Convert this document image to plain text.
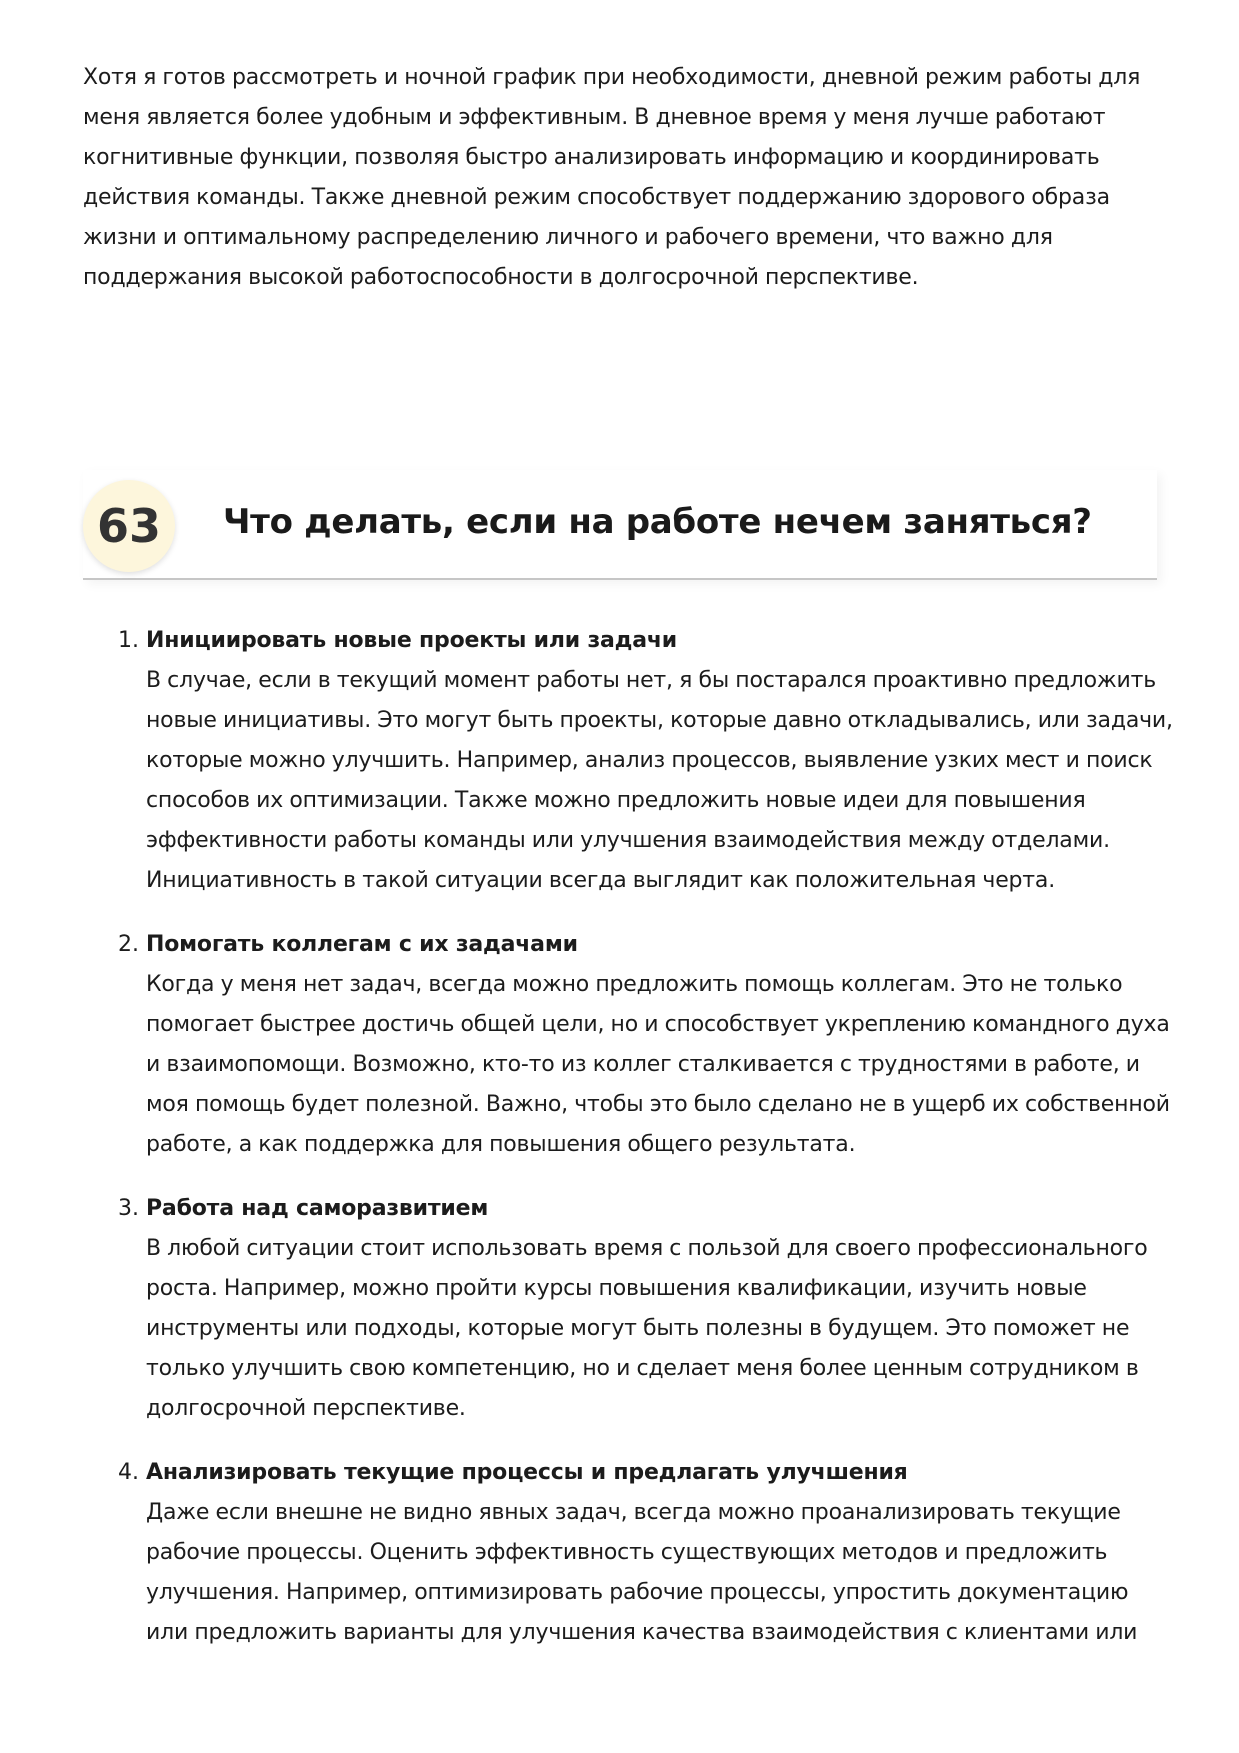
Хотя я готов рассмотреть и ночной график при необходимости, дневной режим работы для меня является более удобным и эффективным. В дневное время у меня лучше работают когнитивные функции, позволяя быстро анализировать информацию и координировать действия команды. Также дневной режим способствует поддержанию здорового образа жизни и оптимальному распределению личного и рабочего времени, что важно для поддержания высокой работоспособности в долгосрочной перспективе.

63	Что делать, если на работе нечем заняться?
1. Инициировать новые проекты или задачи
В случае, если в текущий момент работы нет, я бы постарался проактивно предложить новые инициативы. Это могут быть проекты, которые давно откладывались, или задачи, которые можно улучшить. Например, анализ процессов, выявление узких мест и поиск способов их оптимизации. Также можно предложить новые идеи для повышения эффективности работы команды или улучшения взаимодействия между отделами. Инициативность в такой ситуации всегда выглядит как положительная черта.
2. Помогать коллегам с их задачами
Когда у меня нет задач, всегда можно предложить помощь коллегам. Это не только помогает быстрее достичь общей цели, но и способствует укреплению командного духа и взаимопомощи. Возможно, кто-то из коллег сталкивается с трудностями в работе, и моя помощь будет полезной. Важно, чтобы это было сделано не в ущерб их собственной работе, а как поддержка для повышения общего результата.
3. Работа над саморазвитием
В любой ситуации стоит использовать время с пользой для своего профессионального роста. Например, можно пройти курсы повышения квалификации, изучить новые инструменты или подходы, которые могут быть полезны в будущем. Это поможет не только улучшить свою компетенцию, но и сделает меня более ценным сотрудником в долгосрочной перспективе.
4. Анализировать текущие процессы и предлагать улучшения
Даже если внешне не видно явных задач, всегда можно проанализировать текущие рабочие процессы. Оценить эффективность существующих методов и предложить улучшения. Например, оптимизировать рабочие процессы, упростить документацию или предложить варианты для улучшения качества взаимодействия с клиентами или
